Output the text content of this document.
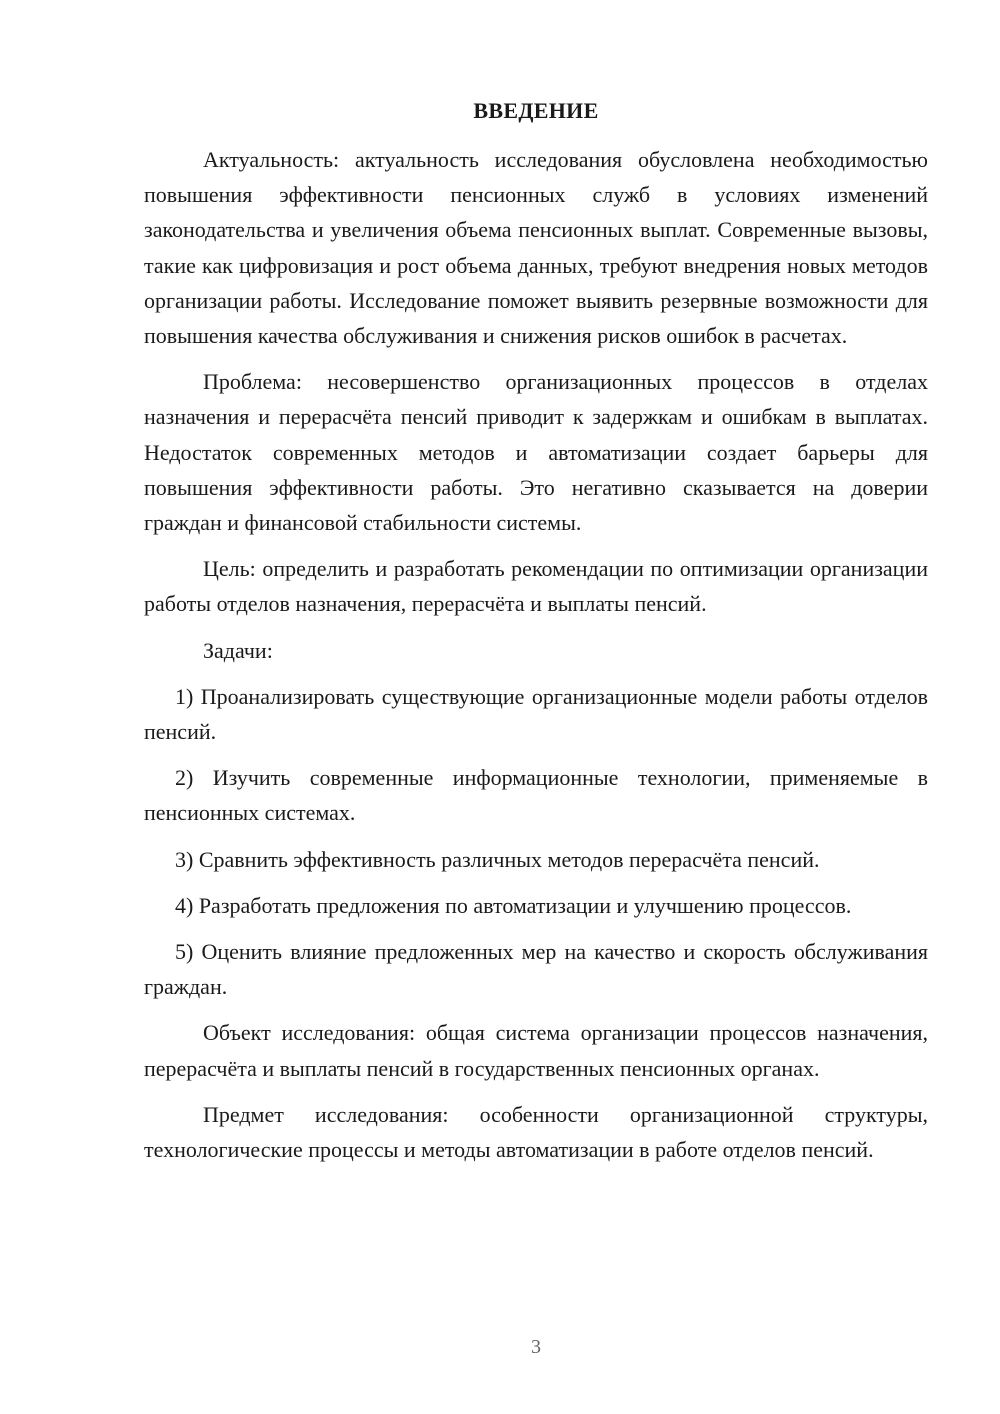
ВВЕДЕНИЕ

Актуальность: актуальность исследования обусловлена необходимостью повышения эффективности пенсионных служб в условиях изменений законодательства и увеличения объема пенсионных выплат. Современные вызовы, такие как цифровизация и рост объема данных, требуют внедрения новых методов организации работы. Исследование поможет выявить резервные возможности для повышения качества обслуживания и снижения рисков ошибок в расчетах.

Проблема: несовершенство организационных процессов в отделах назначения и перерасчёта пенсий приводит к задержкам и ошибкам в выплатах. Недостаток современных методов и автоматизации создает барьеры для повышения эффективности работы. Это негативно сказывается на доверии граждан и финансовой стабильности системы.

Цель: определить и разработать рекомендации по оптимизации организации работы отделов назначения, перерасчёта и выплаты пенсий.

Задачи:

1) Проанализировать существующие организационные модели работы отделов пенсий.

2) Изучить современные информационные технологии, применяемые в пенсионных системах.

3) Сравнить эффективность различных методов перерасчёта пенсий.

4) Разработать предложения по автоматизации и улучшению процессов.

5) Оценить влияние предложенных мер на качество и скорость обслуживания граждан.

Объект исследования: общая система организации процессов назначения, перерасчёта и выплаты пенсий в государственных пенсионных органах.

Предмет исследования: особенности организационной структуры, технологические процессы и методы автоматизации в работе отделов пенсий.

3
